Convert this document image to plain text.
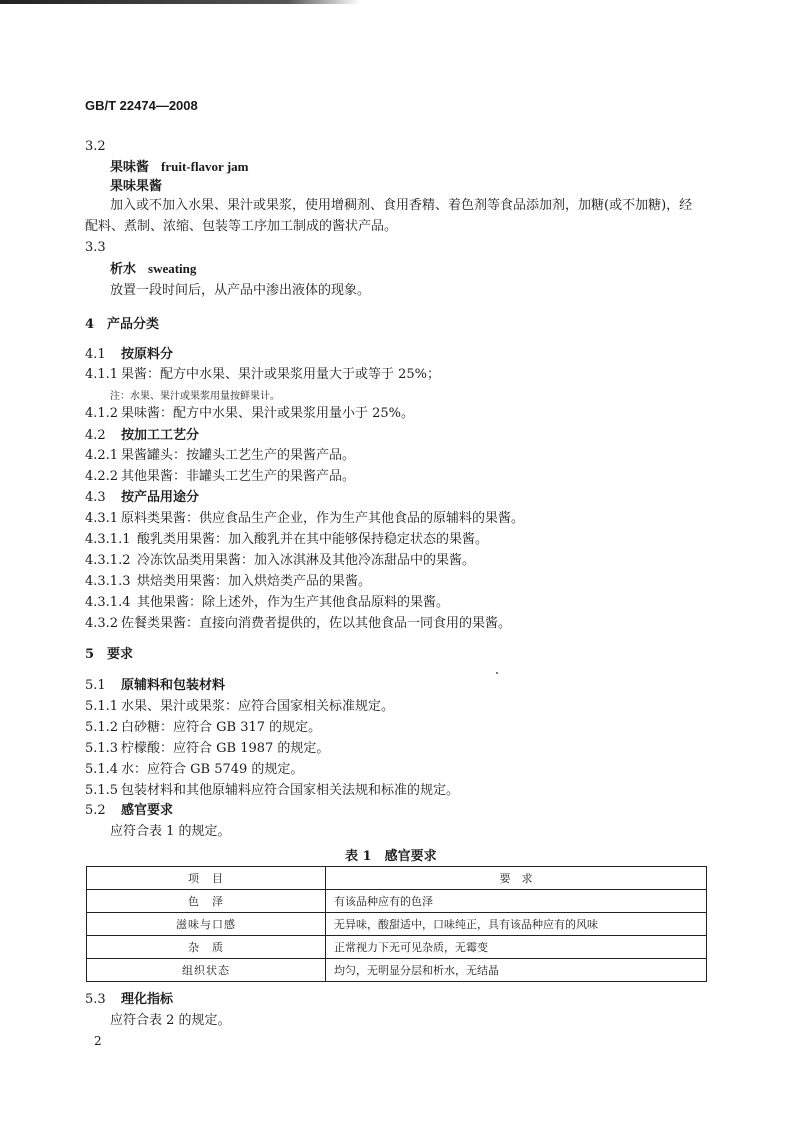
GB/T 22474—2008
3.2
果味酱 fruit-flavor jam
果味果酱
加入或不加入水果、果汁或果浆，使用增稠剂、食用香精、着色剂等食品添加剂，加糖(或不加糖)，经
配料、煮制、浓缩、包装等工序加工制成的酱状产品。
3.3
析水 sweating
放置一段时间后，从产品中渗出液体的现象。
4　产品分类
4.1 按原料分
4.1.1 果酱：配方中水果、果汁或果浆用量大于或等于 25%；
注：水果、果汁或果浆用量按鲜果计。
4.1.2 果味酱：配方中水果、果汁或果浆用量小于 25%。
4.2 按加工工艺分
4.2.1 果酱罐头：按罐头工艺生产的果酱产品。
4.2.2 其他果酱：非罐头工艺生产的果酱产品。
4.3 按产品用途分
4.3.1 原料类果酱：供应食品生产企业，作为生产其他食品的原辅料的果酱。
4.3.1.1 酸乳类用果酱：加入酸乳并在其中能够保持稳定状态的果酱。
4.3.1.2 冷冻饮品类用果酱：加入冰淇淋及其他冷冻甜品中的果酱。
4.3.1.3 烘焙类用果酱：加入烘焙类产品的果酱。
4.3.1.4 其他果酱：除上述外，作为生产其他食品原料的果酱。
4.3.2 佐餐类果酱：直接向消费者提供的，佐以其他食品一同食用的果酱。
5　要求
5.1 原辅料和包装材料
5.1.1 水果、果汁或果浆：应符合国家相关标准规定。
5.1.2 白砂糖：应符合 GB 317 的规定。
5.1.3 柠檬酸：应符合 GB 1987 的规定。
5.1.4 水：应符合 GB 5749 的规定。
5.1.5 包装材料和其他原辅料应符合国家相关法规和标准的规定。
5.2 感官要求
应符合表 1 的规定。
表 1　感官要求
项　目	要　求
色　泽	有该品种应有的色泽
滋味与口感	无异味，酸甜适中，口味纯正，具有该品种应有的风味
杂　质	正常视力下无可见杂质，无霉变
组织状态	均匀，无明显分层和析水，无结晶
5.3 理化指标
应符合表 2 的规定。
2
